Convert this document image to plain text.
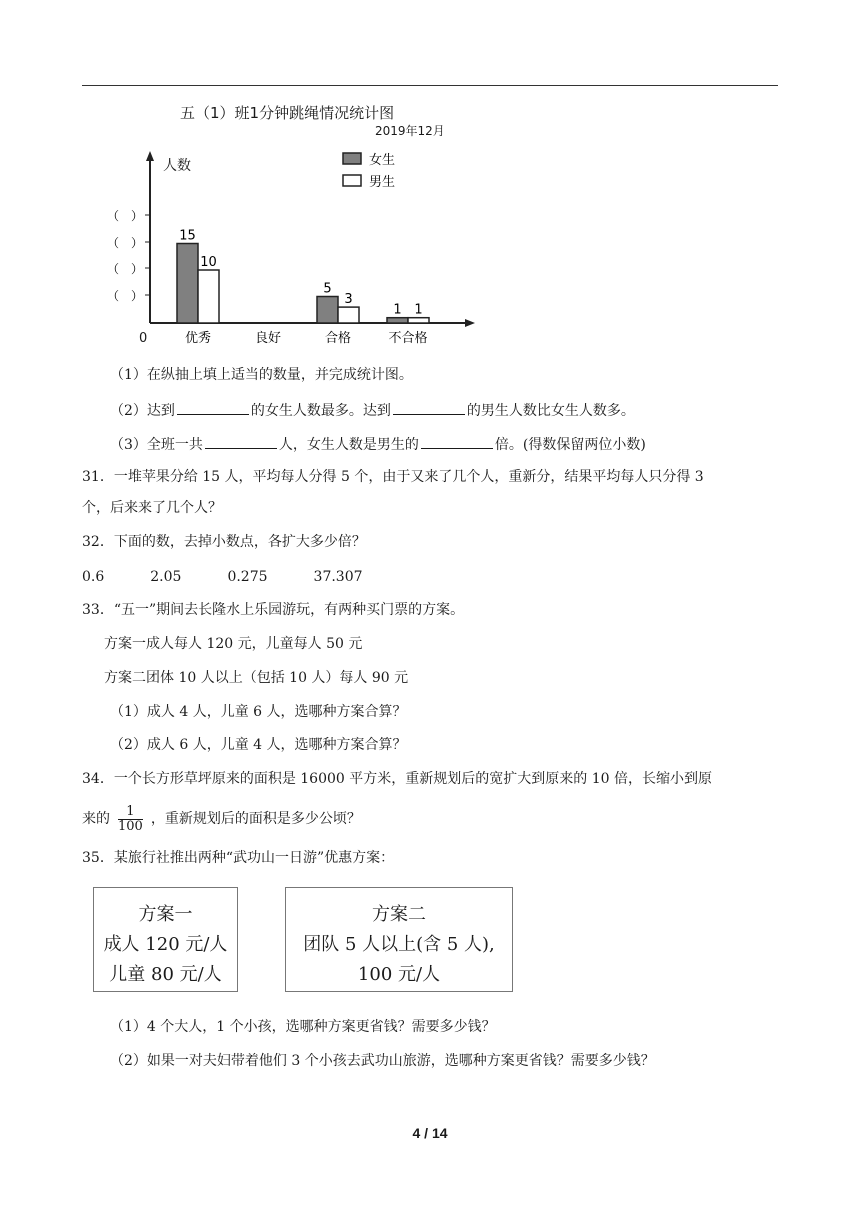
五（1）班1分钟跳绳情况统计图
2019年12月
人数
0
（　）
（　）
（　）
（　）
优秀	良好	合格	不合格
15
5
1
10
3
1
女生
男生
（1）在纵抽上填上适当的数量，并完成统计图。
（2）达到	的女生人数最多。达到	的男生人数比女生人数多。
（3）全班一共	人，女生人数是男生的	倍。(得数保留两位小数)
31．一堆苹果分给 15 人，平均每人分得 5 个，由于又来了几个人，重新分，结果平均每人只分得 3
个，后来来了几个人？
32．下面的数，去掉小数点，各扩大多少倍？
0.6	2.05	0.275	37.307
33．“五一”期间去长隆水上乐园游玩，有两种买门票的方案。
方案一成人每人 120 元，儿童每人 50 元
方案二团体 10 人以上（包括 10 人）每人 90 元
（1）成人 4 人，儿童 6 人，选哪种方案合算？
（2）成人 6 人，儿童 4 人，选哪种方案合算？
34．一个长方形草坪原来的面积是 16000 平方米，重新规划后的宽扩大到原来的 10 倍，长缩小到原
来的 $\frac{1}{100}$ ，重新规划后的面积是多少公顷？
35．某旅行社推出两种“武功山一日游”优惠方案：
方案一
成人 120 元/人
儿童 80 元/人
方案二
团队 5 人以上(含 5 人),
100 元/人
（1）4 个大人，1 个小孩，选哪种方案更省钱？需要多少钱？
（2）如果一对夫妇带着他们 3 个小孩去武功山旅游，选哪种方案更省钱？需要多少钱？
4 / 14
